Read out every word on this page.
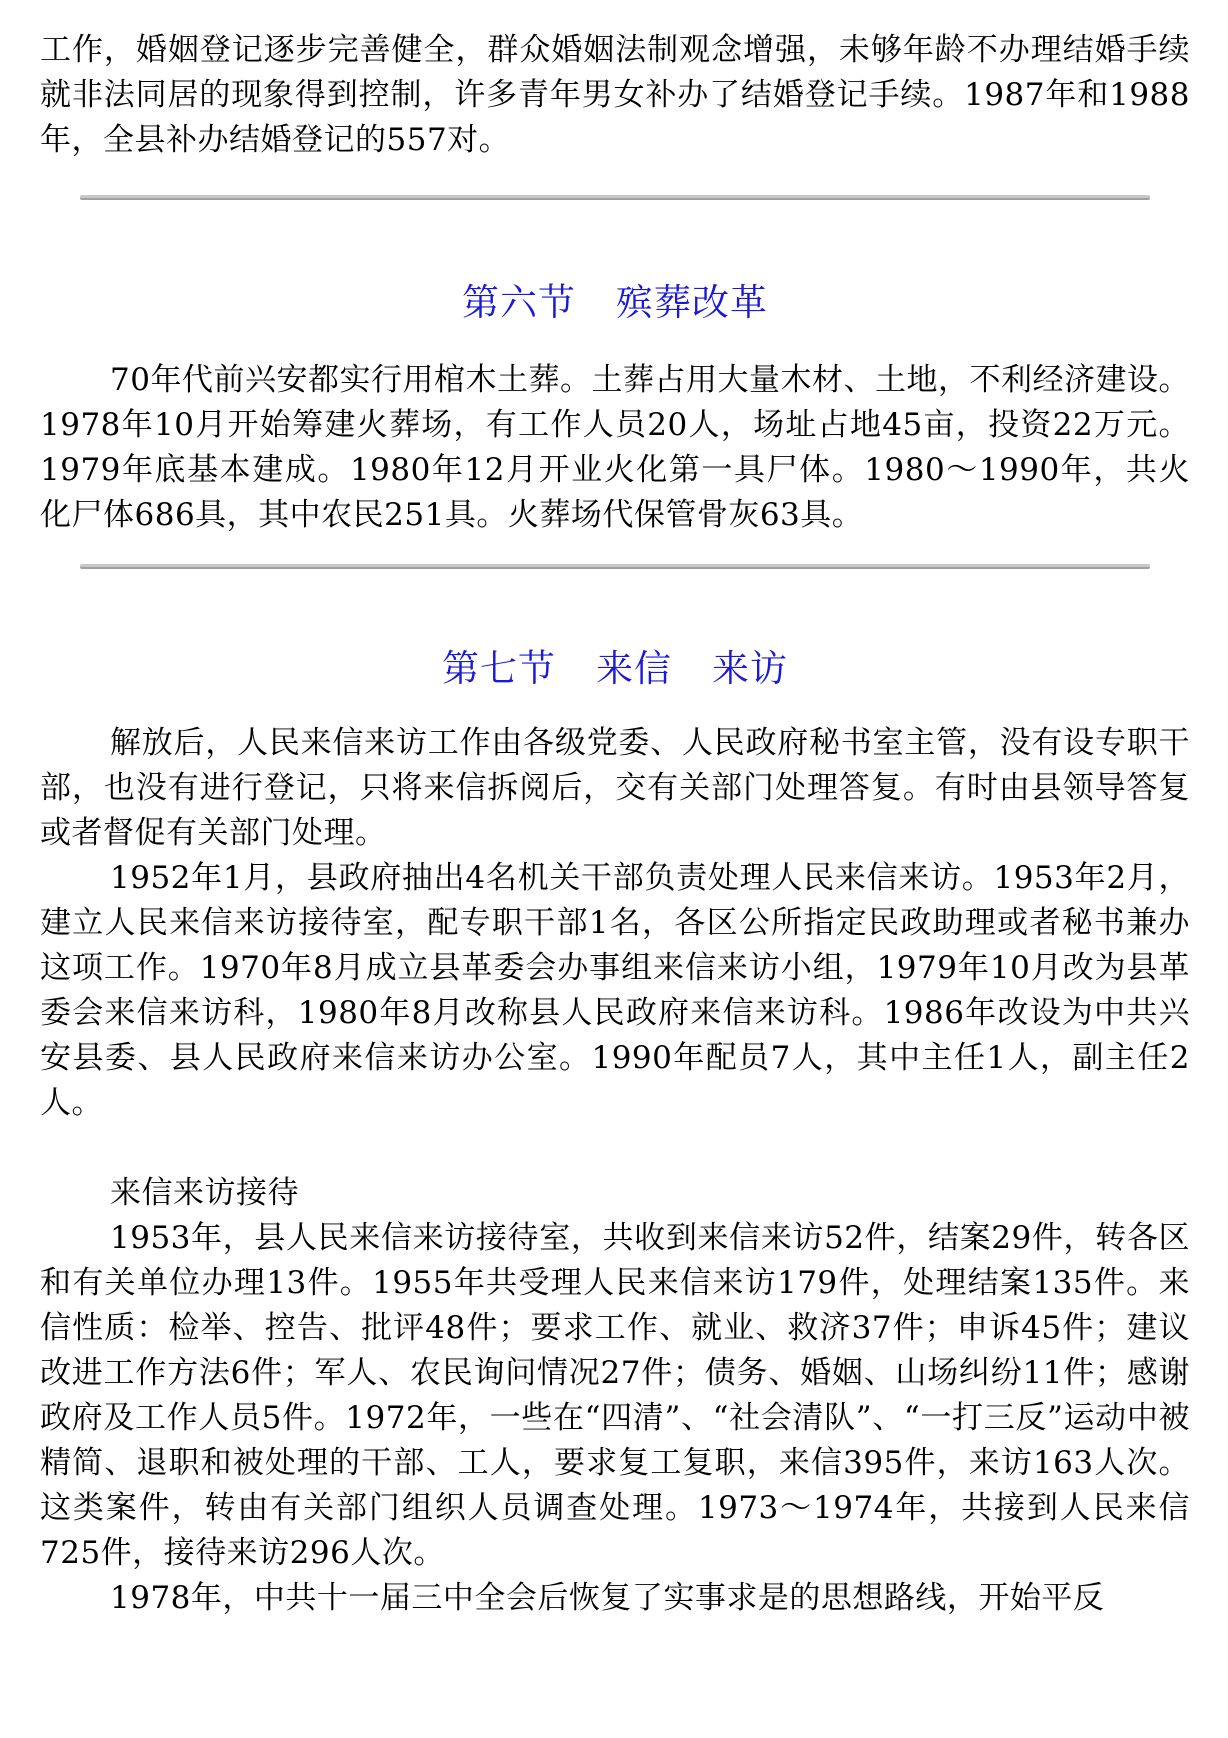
工作，婚姻登记逐步完善健全，群众婚姻法制观念增强，未够年龄不办理结婚手续就非法同居的现象得到控制，许多青年男女补办了结婚登记手续。1987年和1988年，全县补办结婚登记的557对。

第六节 殡葬改革

70年代前兴安都实行用棺木土葬。土葬占用大量木材、土地，不利经济建设。1978年10月开始筹建火葬场，有工作人员20人，场址占地45亩，投资22万元。1979年底基本建成。1980年12月开业火化第一具尸体。1980～1990年，共火化尸体686具，其中农民251具。火葬场代保管骨灰63具。

第七节 来信 来访

解放后，人民来信来访工作由各级党委、人民政府秘书室主管，没有设专职干部，也没有进行登记，只将来信拆阅后，交有关部门处理答复。有时由县领导答复或者督促有关部门处理。

1952年1月，县政府抽出4名机关干部负责处理人民来信来访。1953年2月，建立人民来信来访接待室，配专职干部1名，各区公所指定民政助理或者秘书兼办这项工作。1970年8月成立县革委会办事组来信来访小组，1979年10月改为县革委会来信来访科，1980年8月改称县人民政府来信来访科。1986年改设为中共兴安县委、县人民政府来信来访办公室。1990年配员7人，其中主任1人，副主任2人。

来信来访接待

1953年，县人民来信来访接待室，共收到来信来访52件，结案29件，转各区和有关单位办理13件。1955年共受理人民来信来访179件，处理结案135件。来信性质：检举、控告、批评48件；要求工作、就业、救济37件；申诉45件；建议改进工作方法6件；军人、农民询问情况27件；债务、婚姻、山场纠纷11件；感谢政府及工作人员5件。1972年，一些在“四清”、“社会清队”、“一打三反”运动中被精简、退职和被处理的干部、工人，要求复工复职，来信395件，来访163人次。这类案件，转由有关部门组织人员调查处理。1973～1974年，共接到人民来信725件，接待来访296人次。

1978年，中共十一届三中全会后恢复了实事求是的思想路线，开始平反
